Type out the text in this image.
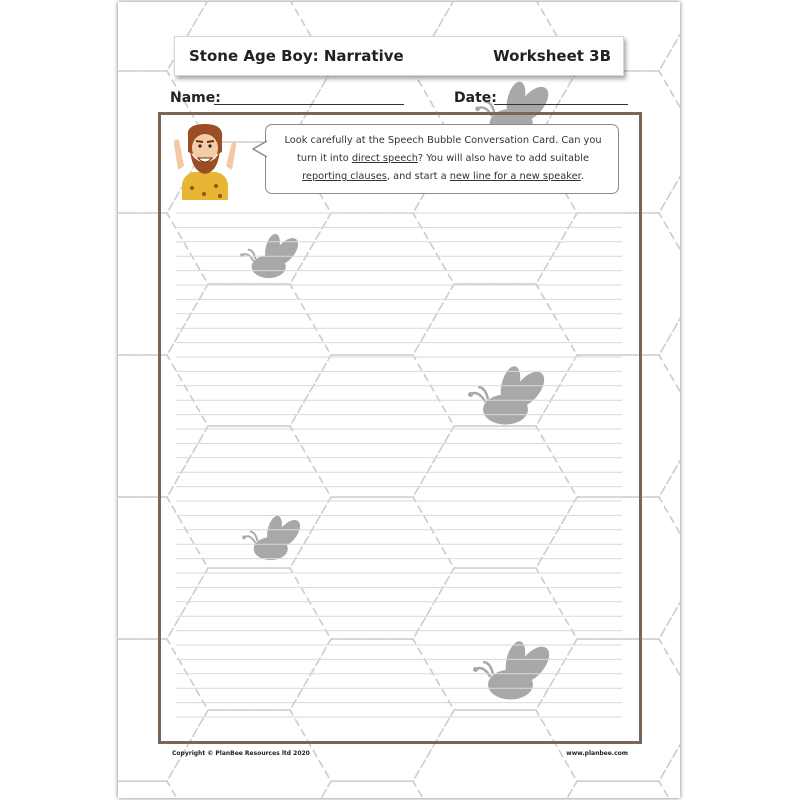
Stone Age Boy: Narrative	Worksheet 3B
Name:	Date:
Look carefully at the Speech Bubble Conversation Card. Can you turn it into direct speech? You will also have to add suitable reporting clauses, and start a new line for a new speaker.
Copyright © PlanBee Resources ltd 2020	www.planbee.com
